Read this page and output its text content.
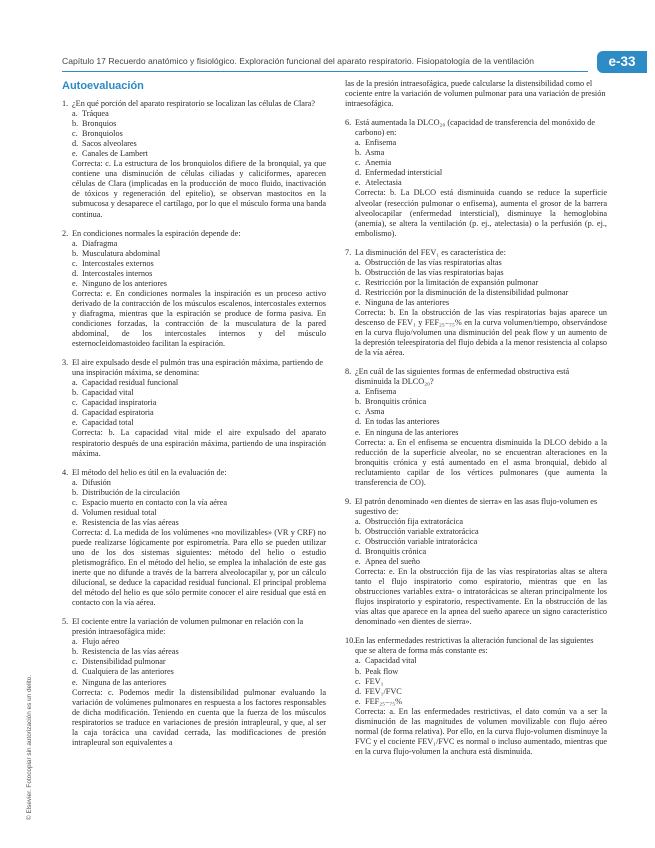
Capítulo 17 Recuerdo anatómico y fisiológico. Exploración funcional del aparato respiratorio. Fisiopatología de la ventilación	e-33
© Elsevier. Fotocopiar sin autorización es un delito.
Autoevaluación
1. ¿En qué porción del aparato respiratorio se localizan las células de Clara?
a. Tráquea
b. Bronquios
c. Bronquiolos
d. Sacos alveolares
e. Canales de Lambert
Correcta: c. La estructura de los bronquiolos difiere de la bronquial, ya que contiene una disminución de células ciliadas y caliciformes, aparecen células de Clara (implicadas en la producción de moco fluido, inactivación de tóxicos y regeneración del epitelio), se observan mastocitos en la submucosa y desaparece el cartílago, por lo que el músculo forma una banda continua.
2. En condiciones normales la espiración depende de:
a. Diafragma
b. Musculatura abdominal
c. Intercostales externos
d. Intercostales internos
e. Ninguno de los anteriores
Correcta: e. En condiciones normales la inspiración es un proceso activo derivado de la contracción de los músculos escalenos, intercostales externos y diafragma, mientras que la espiración se produce de forma pasiva. En condiciones forzadas, la contracción de la musculatura de la pared abdominal, de los intercostales internos y del músculo esternocleidomastoideo facilitan la espiración.
3. El aire expulsado desde el pulmón tras una espiración máxima, partiendo de una inspiración máxima, se denomina:
a. Capacidad residual funcional
b. Capacidad vital
c. Capacidad inspiratoria
d. Capacidad espiratoria
e. Capacidad total
Correcta: b. La capacidad vital mide el aire expulsado del aparato respiratorio después de una espiración máxima, partiendo de una inspiración máxima.
4. El método del helio es útil en la evaluación de:
a. Difusión
b. Distribución de la circulación
c. Espacio muerto en contacto con la vía aérea
d. Volumen residual total
e. Resistencia de las vías aéreas
Correcta: d. La medida de los volúmenes «no movilizables» (VR y CRF) no puede realizarse lógicamente por espirometría. Para ello se pueden utilizar uno de los dos sistemas siguientes: método del helio o estudio pletismográfico. En el método del helio, se emplea la inhalación de este gas inerte que no difunde a través de la barrera alveolocapilar y, por un cálculo dilucional, se deduce la capacidad residual funcional. El principal problema del método del helio es que sólo permite conocer el aire residual que está en contacto con la vía aérea.
5. El cociente entre la variación de volumen pulmonar en relación con la presión intraesofágica mide:
a. Flujo aéreo
b. Resistencia de las vías aéreas
c. Distensibilidad pulmonar
d. Cualquiera de las anteriores
e. Ninguna de las anteriores
Correcta: c. Podemos medir la distensibilidad pulmonar evaluando la variación de volúmenes pulmonares en respuesta a los factores responsables de dicha modificación. Teniendo en cuenta que la fuerza de los músculos respiratorios se traduce en variaciones de presión intrapleural, y que, al ser la caja torácica una cavidad cerrada, las modificaciones de presión intrapleural son equivalentes a
las de la presión intraesofágica, puede calcularse la distensibilidad como el cociente entre la variación de volumen pulmonar para una variación de presión intraesofágica.
6. Está aumentada la DLCO₂₀ (capacidad de transferencia del monóxido de carbono) en:
a. Enfisema
b. Asma
c. Anemia
d. Enfermedad intersticial
e. Atelectasia
Correcta: b. La DLCO está disminuida cuando se reduce la superficie alveolar (resección pulmonar o enfisema), aumenta el grosor de la barrera alveolocapilar (enfermedad intersticial), disminuye la hemoglobina (anemia), se altera la ventilación (p. ej., atelectasia) o la perfusión (p. ej., embolismo).
7. La disminución del FEV₁ es característica de:
a. Obstrucción de las vías respiratorias altas
b. Obstrucción de las vías respiratorias bajas
c. Restricción por la limitación de expansión pulmonar
d. Restricción por la disminución de la distensibilidad pulmonar
e. Ninguna de las anteriores
Correcta: b. En la obstrucción de las vías respiratorias bajas aparece un descenso de FEV₁ y FEF₂₅₋₇₅% en la curva volumen/tiempo, observándose en la curva flujo/volumen una disminución del peak flow y un aumento de la depresión teleespiratoria del flujo debida a la menor resistencia al colapso de la vía aérea.
8. ¿En cuál de las siguientes formas de enfermedad obstructiva está disminuida la DLCO₂₀?
a. Enfisema
b. Bronquitis crónica
c. Asma
d. En todas las anteriores
e. En ninguna de las anteriores
Correcta: a. En el enfisema se encuentra disminuida la DLCO debido a la reducción de la superficie alveolar, no se encuentran alteraciones en la bronquitis crónica y está aumentado en el asma bronquial, debido al reclutamiento capilar de los vértices pulmonares (que aumenta la transferencia de CO).
9. El patrón denominado «en dientes de sierra» en las asas flujo-volumen es sugestivo de:
a. Obstrucción fija extratorácica
b. Obstrucción variable extratorácica
c. Obstrucción variable intratorácica
d. Bronquitis crónica
e. Apnea del sueño
Correcta: e. En la obstrucción fija de las vías respiratorias altas se altera tanto el flujo inspiratorio como espiratorio, mientras que en las obstrucciones variables extra- o intratorácicas se alteran principalmente los flujos inspiratorio y espiratorio, respectivamente. En la obstrucción de las vías altas que aparece en la apnea del sueño aparece un signo característico denominado «en dientes de sierra».
10. En las enfermedades restrictivas la alteración funcional de las siguientes que se altera de forma más constante es:
a. Capacidad vital
b. Peak flow
c. FEV₁
d. FEV₁/FVC
e. FEF₂₅₋₇₅%
Correcta: a. En las enfermedades restrictivas, el dato común va a ser la disminución de las magnitudes de volumen movilizable con flujo aéreo normal (de forma relativa). Por ello, en la curva flujo-volumen disminuye la FVC y el cociente FEV₁/FVC es normal o incluso aumentado, mientras que en la curva flujo-volumen la anchura está disminuida.
